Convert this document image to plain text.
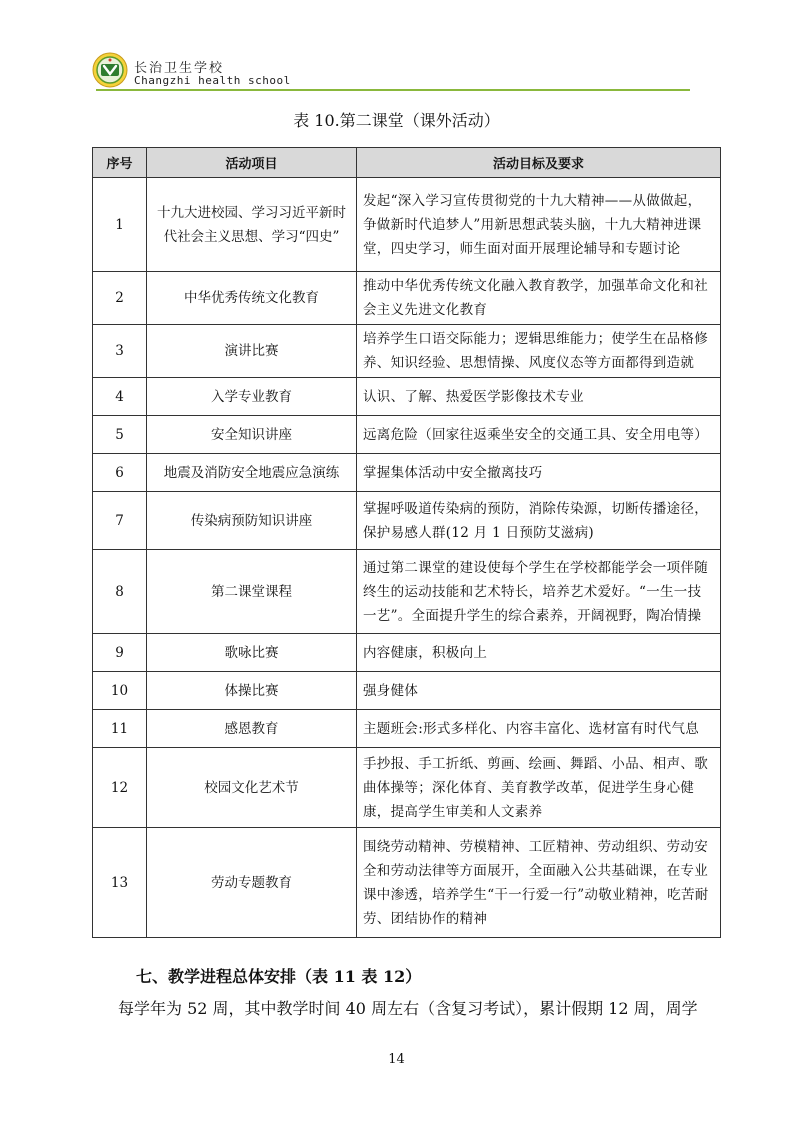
长治卫生学校
Changzhi health school
表 10.第二课堂（课外活动）
序号	活动项目	活动目标及要求
1	十九大进校园、学习习近平新时代社会主义思想、学习“四史”	发起“深入学习宣传贯彻党的十九大精神——从做做起，争做新时代追梦人”用新思想武装头脑，十九大精神进课堂，四史学习，师生面对面开展理论辅导和专题讨论
2	中华优秀传统文化教育	推动中华优秀传统文化融入教育教学，加强革命文化和社会主义先进文化教育
3	演讲比赛	培养学生口语交际能力；逻辑思维能力；使学生在品格修养、知识经验、思想情操、风度仪态等方面都得到造就
4	入学专业教育	认识、了解、热爱医学影像技术专业
5	安全知识讲座	远离危险（回家往返乘坐安全的交通工具、安全用电等）
6	地震及消防安全地震应急演练	掌握集体活动中安全撤离技巧
7	传染病预防知识讲座	掌握呼吸道传染病的预防，消除传染源，切断传播途径，保护易感人群(12 月 1 日预防艾滋病)
8	第二课堂课程	通过第二课堂的建设使每个学生在学校都能学会一项伴随终生的运动技能和艺术特长，培养艺术爱好。“一生一技一艺”。全面提升学生的综合素养，开阔视野，陶冶情操
9	歌咏比赛	内容健康，积极向上
10	体操比赛	强身健体
11	感恩教育	主题班会:形式多样化、内容丰富化、选材富有时代气息
12	校园文化艺术节	手抄报、手工折纸、剪画、绘画、舞蹈、小品、相声、歌曲体操等；深化体育、美育教学改革，促进学生身心健康，提高学生审美和人文素养
13	劳动专题教育	围绕劳动精神、劳模精神、工匠精神、劳动组织、劳动安全和劳动法律等方面展开，全面融入公共基础课，在专业课中渗透，培养学生“干一行爱一行”动敬业精神，吃苦耐劳、团结协作的精神
七、教学进程总体安排（表 11 表 12）
每学年为 52 周，其中教学时间 40 周左右（含复习考试），累计假期 12 周，周学
14
